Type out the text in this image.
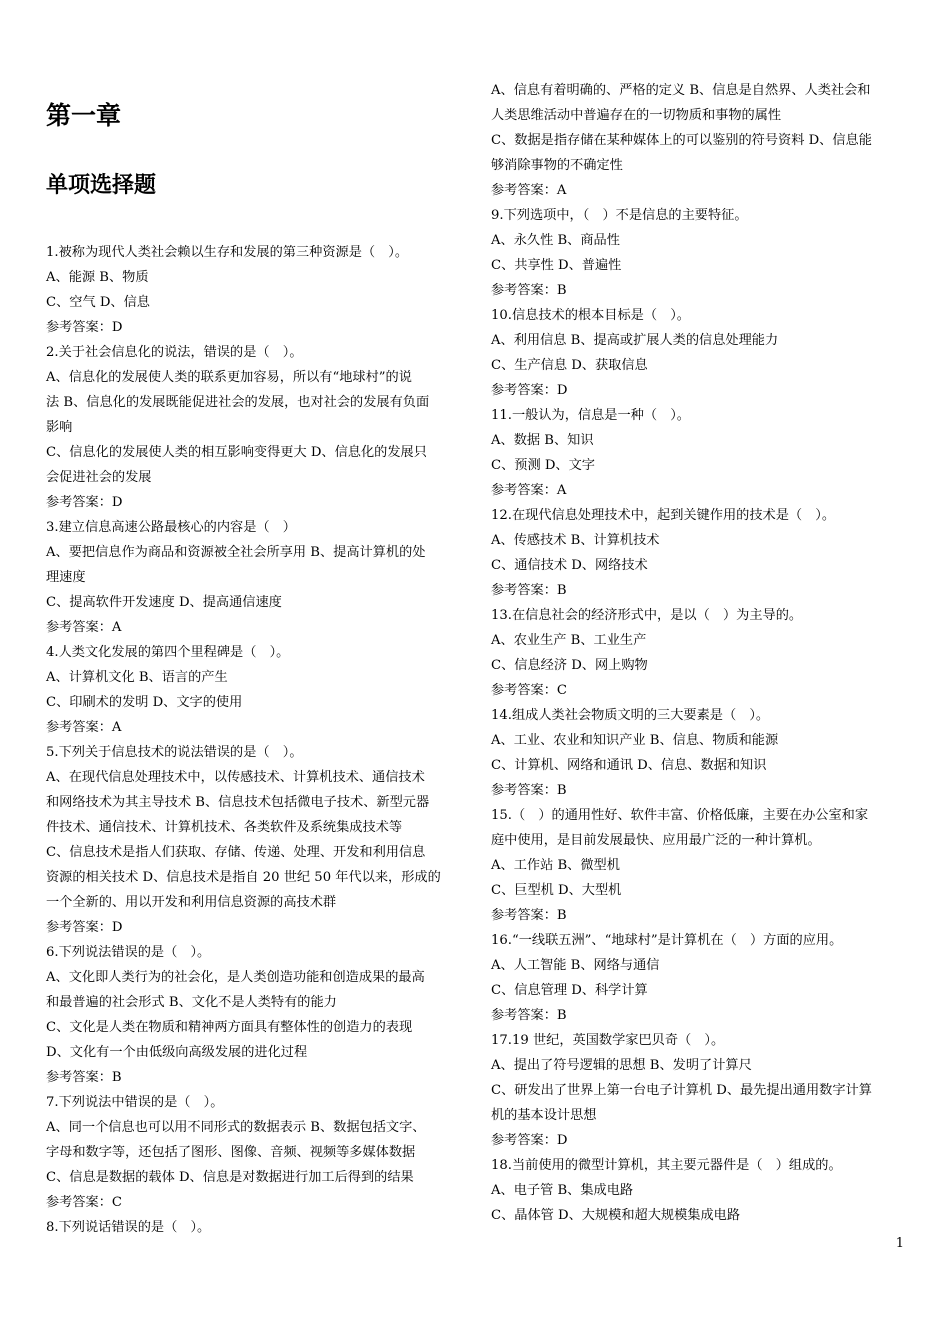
第一章
单项选择题
1.被称为现代人类社会赖以生存和发展的第三种资源是（　）。
A、能源 B、物质
C、空气 D、信息
参考答案：D
2.关于社会信息化的说法，错误的是（　）。
A、信息化的发展使人类的联系更加容易，所以有“地球村”的说
法 B、信息化的发展既能促进社会的发展，也对社会的发展有负面
影响
C、信息化的发展使人类的相互影响变得更大 D、信息化的发展只
会促进社会的发展
参考答案：D
3.建立信息高速公路最核心的内容是（　）
A、要把信息作为商品和资源被全社会所享用 B、提高计算机的处
理速度
C、提高软件开发速度 D、提高通信速度
参考答案：A
4.人类文化发展的第四个里程碑是（　）。
A、计算机文化 B、语言的产生
C、印刷术的发明 D、文字的使用
参考答案：A
5.下列关于信息技术的说法错误的是（　）。
A、在现代信息处理技术中，以传感技术、计算机技术、通信技术
和网络技术为其主导技术 B、信息技术包括微电子技术、新型元器
件技术、通信技术、计算机技术、各类软件及系统集成技术等
C、信息技术是指人们获取、存储、传递、处理、开发和利用信息
资源的相关技术 D、信息技术是指自 20 世纪 50 年代以来，形成的
一个全新的、用以开发和利用信息资源的高技术群
参考答案：D
6.下列说法错误的是（　）。
A、文化即人类行为的社会化，是人类创造功能和创造成果的最高
和最普遍的社会形式 B、文化不是人类特有的能力
C、文化是人类在物质和精神两方面具有整体性的创造力的表现
D、文化有一个由低级向高级发展的进化过程
参考答案：B
7.下列说法中错误的是（　）。
A、同一个信息也可以用不同形式的数据表示 B、数据包括文字、
字母和数字等，还包括了图形、图像、音频、视频等多媒体数据
C、信息是数据的载体 D、信息是对数据进行加工后得到的结果
参考答案：C
8.下列说话错误的是（　）。
A、信息有着明确的、严格的定义 B、信息是自然界、人类社会和
人类思维活动中普遍存在的一切物质和事物的属性
C、数据是指存储在某种媒体上的可以鉴别的符号资料 D、信息能
够消除事物的不确定性
参考答案：A
9.下列选项中，（　）不是信息的主要特征。
A、永久性 B、商品性
C、共享性 D、普遍性
参考答案：B
10.信息技术的根本目标是（　）。
A、利用信息 B、提高或扩展人类的信息处理能力
C、生产信息 D、获取信息
参考答案：D
11.一般认为，信息是一种（　）。
A、数据 B、知识
C、预测 D、文字
参考答案：A
12.在现代信息处理技术中，起到关键作用的技术是（　）。
A、传感技术 B、计算机技术
C、通信技术 D、网络技术
参考答案：B
13.在信息社会的经济形式中，是以（　）为主导的。
A、农业生产 B、工业生产
C、信息经济 D、网上购物
参考答案：C
14.组成人类社会物质文明的三大要素是（　）。
A、工业、农业和知识产业 B、信息、物质和能源
C、计算机、网络和通讯 D、信息、数据和知识
参考答案：B
15.（　）的通用性好、软件丰富、价格低廉，主要在办公室和家
庭中使用，是目前发展最快、应用最广泛的一种计算机。
A、工作站 B、微型机
C、巨型机 D、大型机
参考答案：B
16.“一线联五洲”、“地球村”是计算机在（　）方面的应用。
A、人工智能 B、网络与通信
C、信息管理 D、科学计算
参考答案：B
17.19 世纪，英国数学家巴贝奇（　）。
A、提出了符号逻辑的思想 B、发明了计算尺
C、研发出了世界上第一台电子计算机 D、最先提出通用数字计算
机的基本设计思想
参考答案：D
18.当前使用的微型计算机，其主要元器件是（　）组成的。
A、电子管 B、集成电路
C、晶体管 D、大规模和超大规模集成电路
1
